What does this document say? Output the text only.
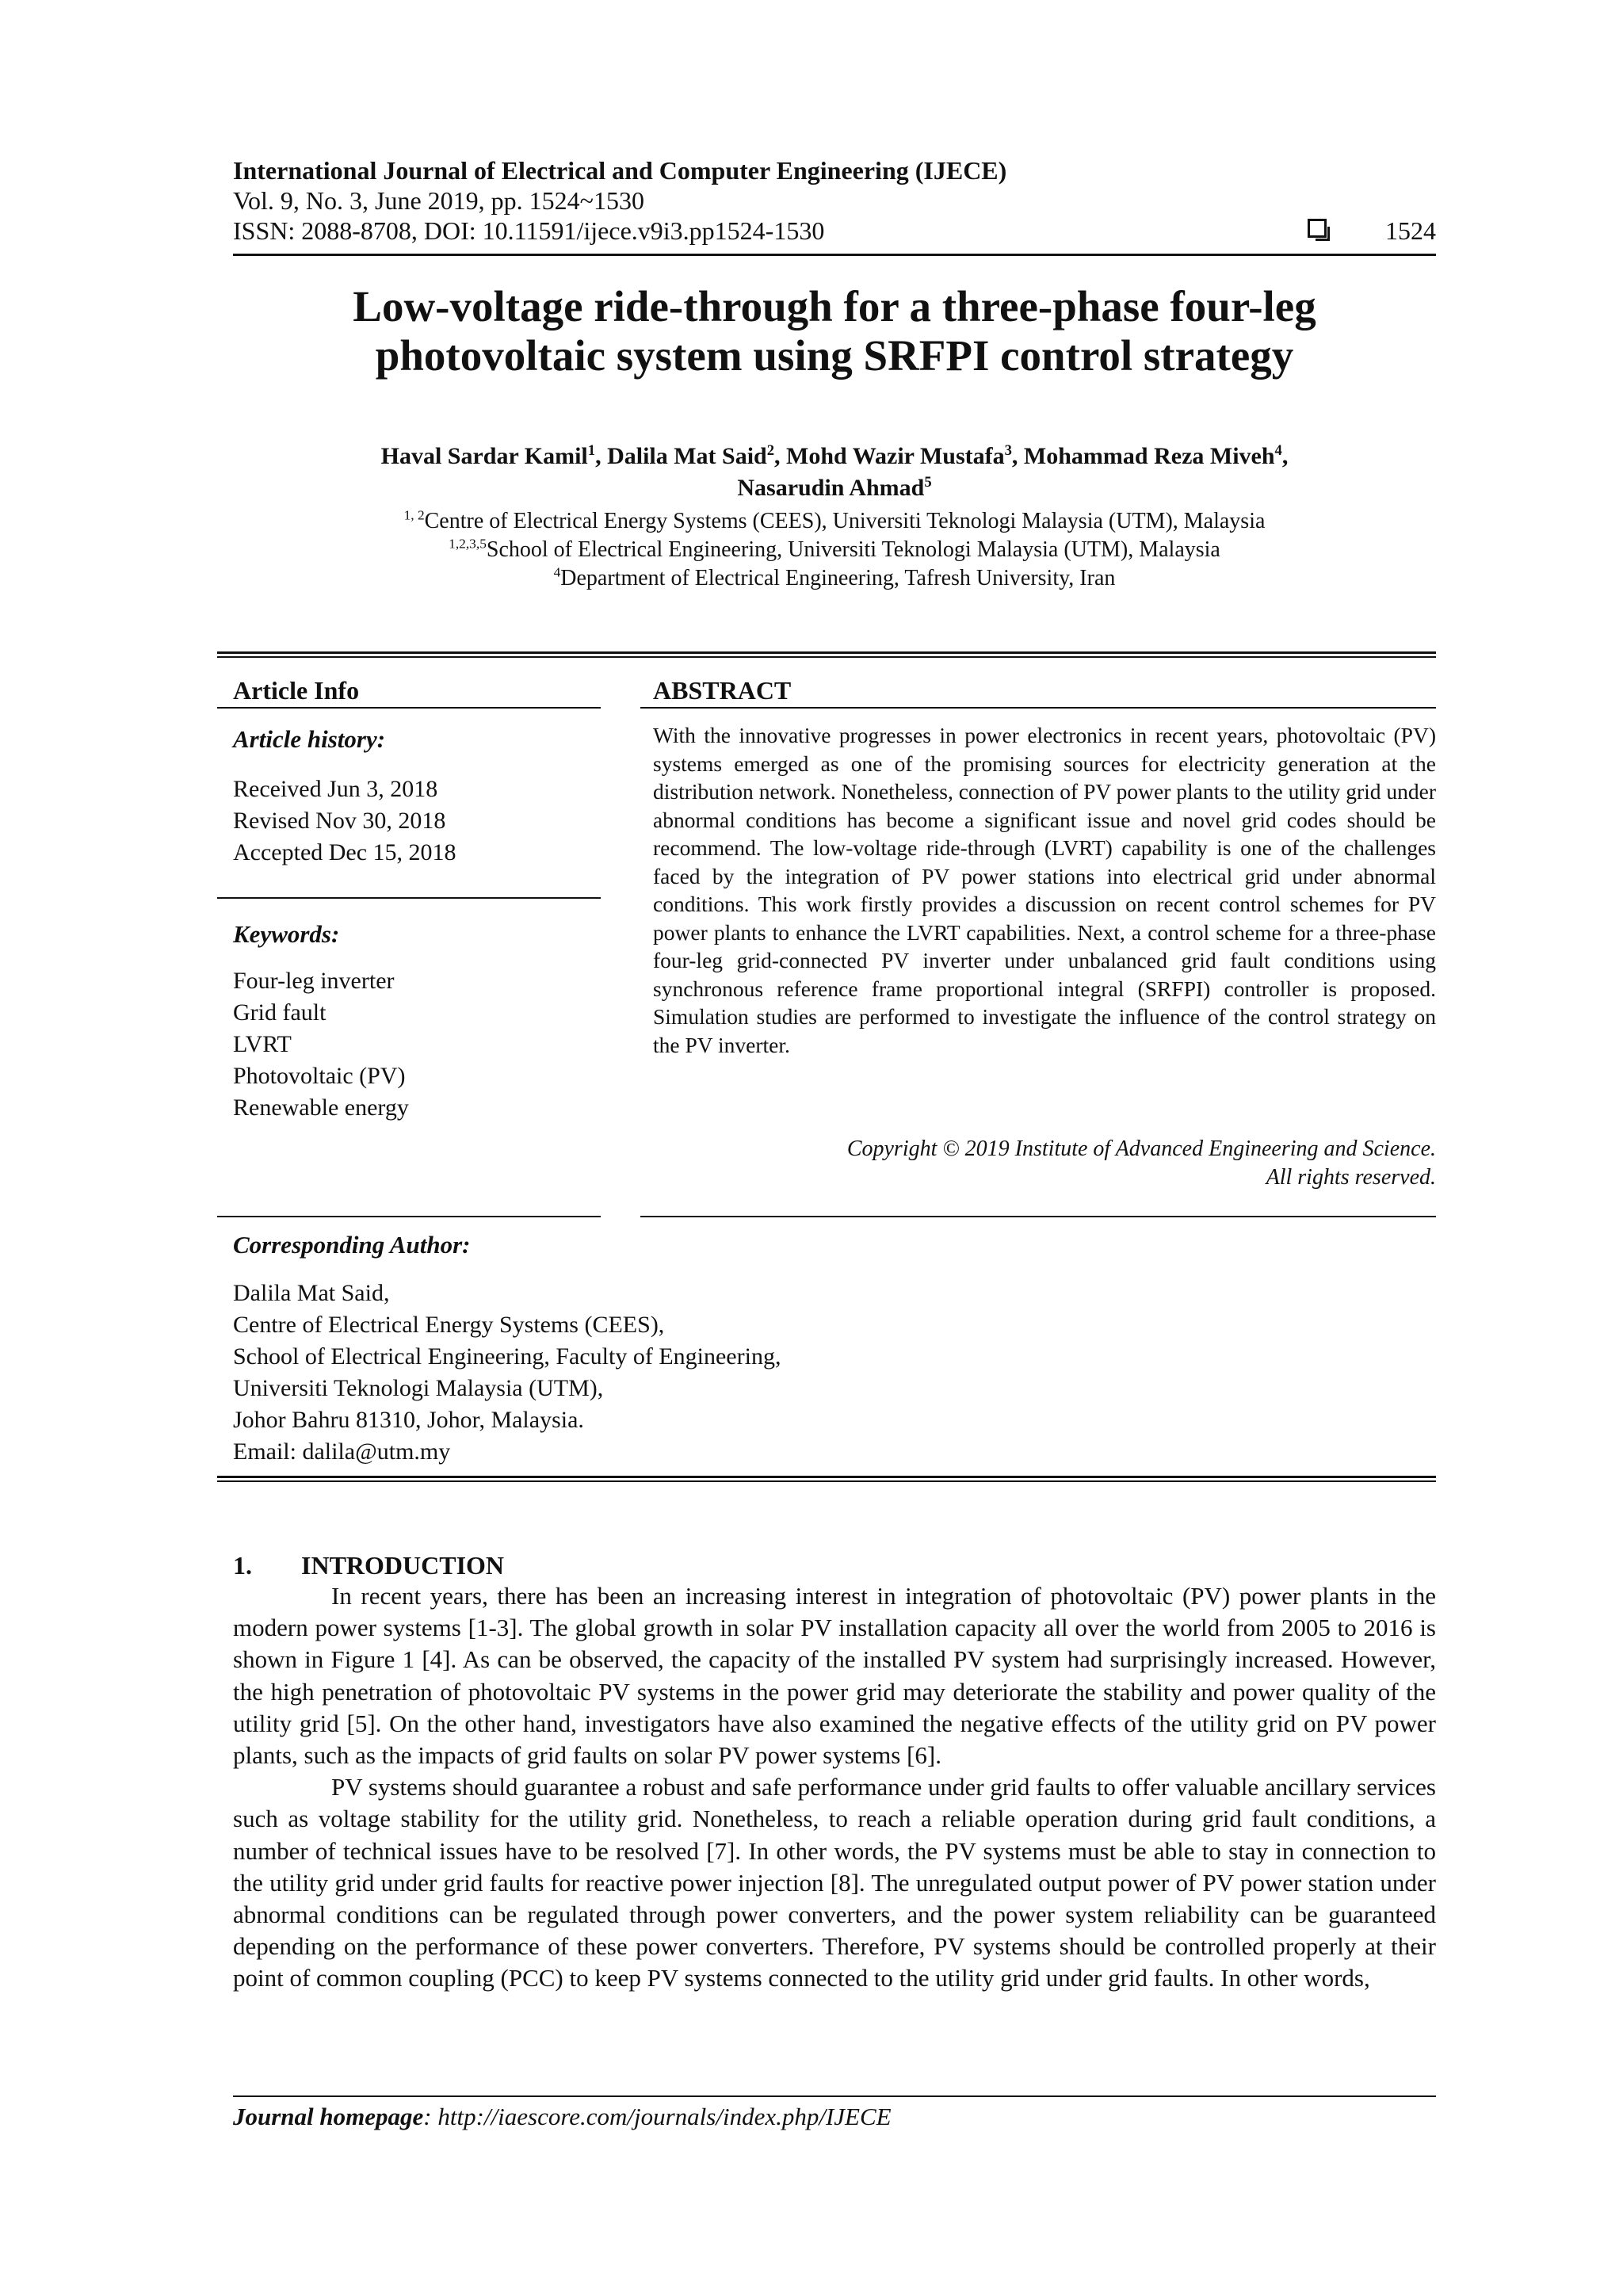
International Journal of Electrical and Computer Engineering (IJECE)
Vol. 9, No. 3, June 2019, pp. 1524~1530
ISSN: 2088-8708, DOI: 10.11591/ijece.v9i3.pp1524-1530	1524
Low-voltage ride-through for a three-phase four-leg
photovoltaic system using SRFPI control strategy
Haval Sardar Kamil$^1$, Dalila Mat Said$^2$, Mohd Wazir Mustafa$^3$, Mohammad Reza Miveh$^4$,
Nasarudin Ahmad$^5$
$^{1, 2}$Centre of Electrical Energy Systems (CEES), Universiti Teknologi Malaysia (UTM), Malaysia
$^{1,2,3,5}$School of Electrical Engineering, Universiti Teknologi Malaysia (UTM), Malaysia
$^4$Department of Electrical Engineering, Tafresh University, Iran
Article Info
Article history:
Received Jun 3, 2018
Revised Nov 30, 2018
Accepted Dec 15, 2018
Keywords:
Four-leg inverter
Grid fault
LVRT
Photovoltaic (PV)
Renewable energy
ABSTRACT
With the innovative progresses in power electronics in recent years, photovoltaic (PV) systems emerged as one of the promising sources for electricity generation at the distribution network. Nonetheless, connection of PV power plants to the utility grid under abnormal conditions has become a significant issue and novel grid codes should be recommend. The low-voltage ride-through (LVRT) capability is one of the challenges faced by the integration of PV power stations into electrical grid under abnormal conditions. This work firstly provides a discussion on recent control schemes for PV power plants to enhance the LVRT capabilities. Next, a control scheme for a three-phase four-leg grid-connected PV inverter under unbalanced grid fault conditions using synchronous reference frame proportional integral (SRFPI) controller is proposed. Simulation studies are performed to investigate the influence of the control strategy on the PV inverter.
Copyright © 2019 Institute of Advanced Engineering and Science.
All rights reserved.
Corresponding Author:
Dalila Mat Said,
Centre of Electrical Energy Systems (CEES),
School of Electrical Engineering, Faculty of Engineering,
Universiti Teknologi Malaysia (UTM),
Johor Bahru 81310, Johor, Malaysia.
Email: dalila@utm.my
1. INTRODUCTION

In recent years, there has been an increasing interest in integration of photovoltaic (PV) power plants in the modern power systems [1-3]. The global growth in solar PV installation capacity all over the world from 2005 to 2016 is shown in Figure 1 [4]. As can be observed, the capacity of the installed PV system had surprisingly increased. However, the high penetration of photovoltaic PV systems in the power grid may deteriorate the stability and power quality of the utility grid [5]. On the other hand, investigators have also examined the negative effects of the utility grid on PV power plants, such as the impacts of grid faults on solar PV power systems [6].

PV systems should guarantee a robust and safe performance under grid faults to offer valuable ancillary services such as voltage stability for the utility grid. Nonetheless, to reach a reliable operation during grid fault conditions, a number of technical issues have to be resolved [7]. In other words, the PV systems must be able to stay in connection to the utility grid under grid faults for reactive power injection [8]. The unregulated output power of PV power station under abnormal conditions can be regulated through power converters, and the power system reliability can be guaranteed depending on the performance of these power converters. Therefore, PV systems should be controlled properly at their point of common coupling (PCC) to keep PV systems connected to the utility grid under grid faults. In other words,

Journal homepage: http://iaescore.com/journals/index.php/IJECE
